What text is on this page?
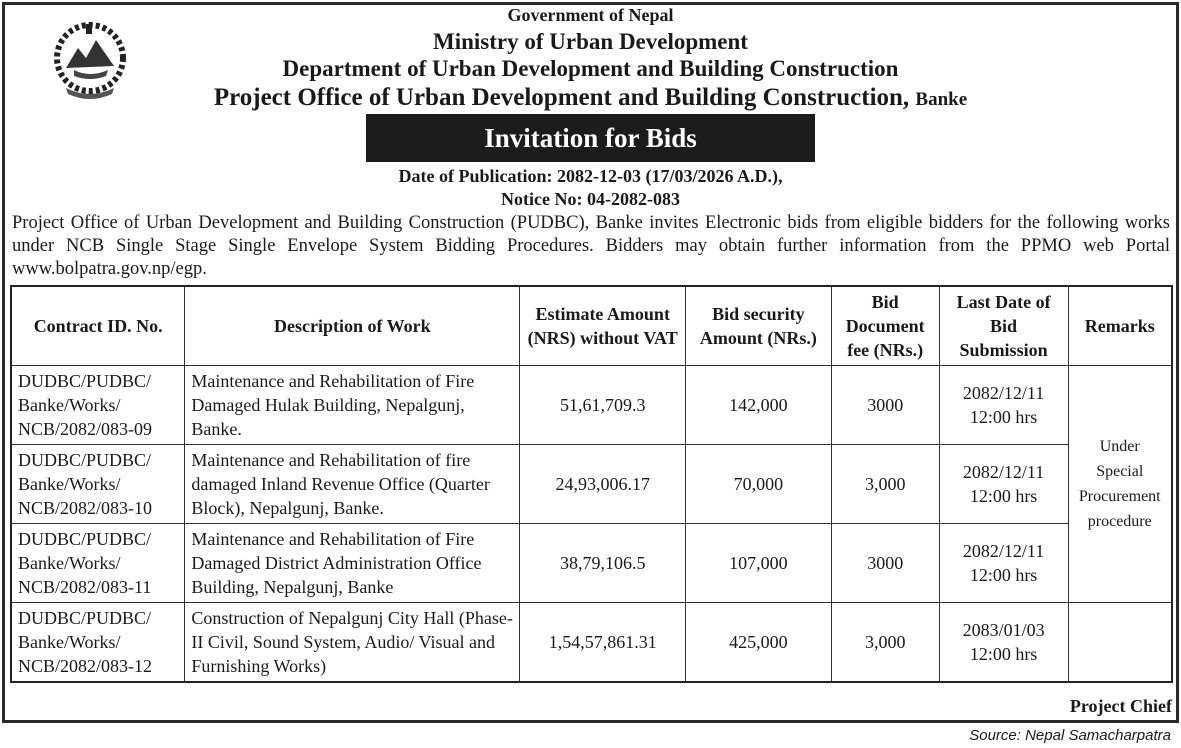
Government of Nepal
Ministry of Urban Development
Department of Urban Development and Building Construction
Project Office of Urban Development and Building Construction, Banke
Invitation for Bids
Date of Publication: 2082-12-03 (17/03/2026 A.D.),
Notice No: 04-2082-083
Project Office of Urban Development and Building Construction (PUDBC), Banke invites Electronic bids from eligible bidders for the following works under NCB Single Stage Single Envelope System Bidding Procedures. Bidders may obtain further information from the PPMO web Portal www.bolpatra.gov.np/egp.
Contract ID. No.	Description of Work	Estimate Amount (NRS) without VAT	Bid security Amount (NRs.)	Bid Document fee (NRs.)	Last Date of Bid Submission	Remarks
DUDBC/PUDBC/ Banke/Works/ NCB/2082/083-09	Maintenance and Rehabilitation of Fire Damaged Hulak Building, Nepalgunj, Banke.	51,61,709.3	142,000	3000	2082/12/11 12:00 hrs	Under Special Procurement procedure
DUDBC/PUDBC/ Banke/Works/ NCB/2082/083-10	Maintenance and Rehabilitation of fire damaged Inland Revenue Office (Quarter Block), Nepalgunj, Banke.	24,93,006.17	70,000	3,000	2082/12/11 12:00 hrs	
DUDBC/PUDBC/ Banke/Works/ NCB/2082/083-11	Maintenance and Rehabilitation of Fire Damaged District Administration Office Building, Nepalgunj, Banke	38,79,106.5	107,000	3000	2082/12/11 12:00 hrs	
DUDBC/PUDBC/ Banke/Works/ NCB/2082/083-12	Construction of Nepalgunj City Hall (Phase-II Civil, Sound System, Audio/ Visual and Furnishing Works)	1,54,57,861.31	425,000	3,000	2083/01/03 12:00 hrs	
Project Chief
Source: Nepal Samacharpatra
